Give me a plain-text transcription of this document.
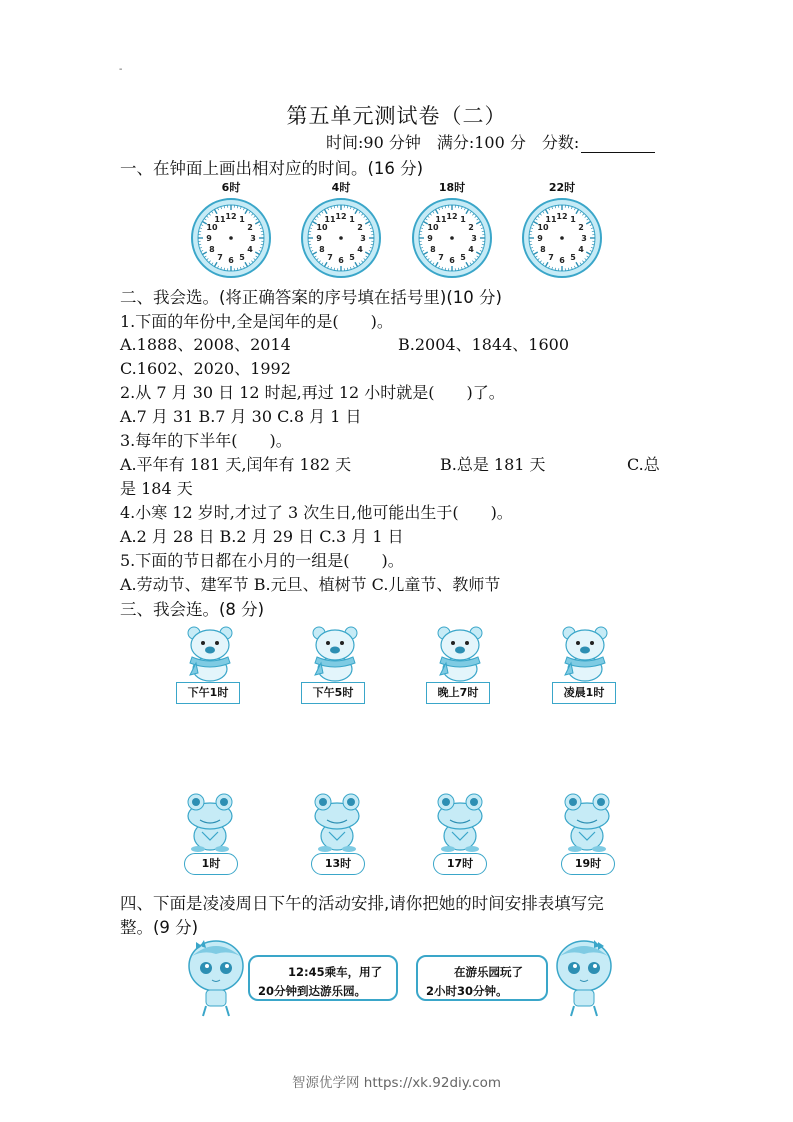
-
第五单元测试卷（二）
时间:90 分钟　满分:100 分　分数:
一、在钟面上画出相对应的时间。(16 分)
6时	4时	18时	22时
12 1
2
3
4
5
6
7
8
9
10
11	12 1
2
3
4
5
6
7
8
9
10
11	12 1
2
3
4
5
6
7
8
9
10
11	12 1
2
3
4
5
6
7
8
9
10
11
二、我会选。(将正确答案的序号填在括号里)(10 分)
1.下面的年份中,全是闰年的是(　　)。
A.1888、2008、2014	B.2004、1844、1600
C.1602、2020、1992
2.从 7 月 30 日 12 时起,再过 12 小时就是(　　)了。
A.7 月 31 B.7 月 30 C.8 月 1 日
3.每年的下半年(　　)。
A.平年有 181 天,闰年有 182 天	B.总是 181 天	C.总
是 184 天
4.小寒 12 岁时,才过了 3 次生日,他可能出生于(　　)。
A.2 月 28 日 B.2 月 29 日 C.3 月 1 日
5.下面的节日都在小月的一组是(　　)。
A.劳动节、建军节 B.元旦、植树节 C.儿童节、教师节
三、我会连。(8 分)
下午1时	下午5时	晚上7时	凌晨1时
1时	13时	17时	19时
四、下面是凌凌周日下午的活动安排,请你把她的时间安排表填写完
整。(9 分)
12:45乘车，用了
20分钟到达游乐园。
在游乐园玩了
2小时30分钟。
智源优学网 https://xk.92diy.com
